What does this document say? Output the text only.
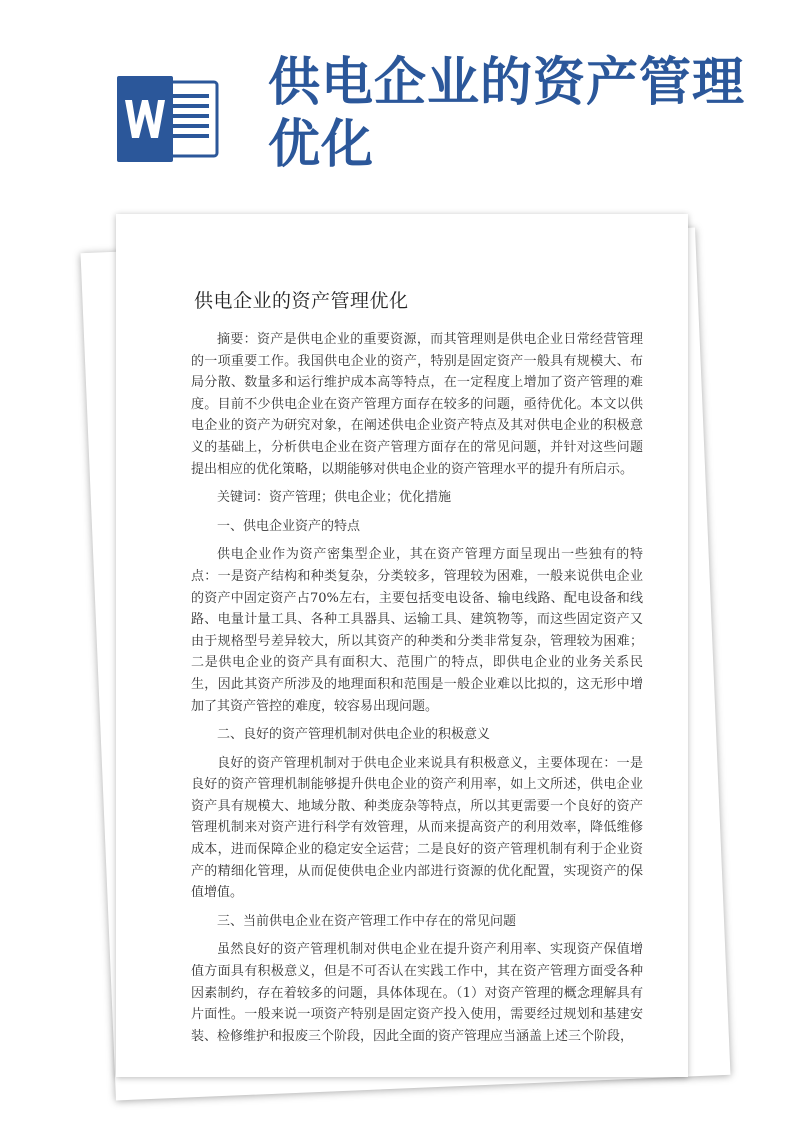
供电企业的资产管理优化
供电企业的资产管理优化

摘要：资产是供电企业的重要资源，而其管理则是供电企业日常经营管理的一项重要工作。我国供电企业的资产，特别是固定资产一般具有规模大、布局分散、数量多和运行维护成本高等特点，在一定程度上增加了资产管理的难度。目前不少供电企业在资产管理方面存在较多的问题，亟待优化。本文以供电企业的资产为研究对象，在阐述供电企业资产特点及其对供电企业的积极意义的基础上，分析供电企业在资产管理方面存在的常见问题，并针对这些问题提出相应的优化策略，以期能够对供电企业的资产管理水平的提升有所启示。

关键词：资产管理；供电企业；优化措施

一、供电企业资产的特点

供电企业作为资产密集型企业，其在资产管理方面呈现出一些独有的特点：一是资产结构和种类复杂，分类较多，管理较为困难，一般来说供电企业的资产中固定资产占70%左右，主要包括变电设备、输电线路、配电设备和线路、电量计量工具、各种工具器具、运输工具、建筑物等，而这些固定资产又由于规格型号差异较大，所以其资产的种类和分类非常复杂，管理较为困难；二是供电企业的资产具有面积大、范围广的特点，即供电企业的业务关系民生，因此其资产所涉及的地理面积和范围是一般企业难以比拟的，这无形中增加了其资产管控的难度，较容易出现问题。

二、良好的资产管理机制对供电企业的积极意义

良好的资产管理机制对于供电企业来说具有积极意义，主要体现在：一是良好的资产管理机制能够提升供电企业的资产利用率，如上文所述，供电企业资产具有规模大、地域分散、种类庞杂等特点，所以其更需要一个良好的资产管理机制来对资产进行科学有效管理，从而来提高资产的利用效率，降低维修成本，进而保障企业的稳定安全运营；二是良好的资产管理机制有利于企业资产的精细化管理，从而促使供电企业内部进行资源的优化配置，实现资产的保值增值。

三、当前供电企业在资产管理工作中存在的常见问题

虽然良好的资产管理机制对供电企业在提升资产利用率、实现资产保值增值方面具有积极意义，但是不可否认在实践工作中，其在资产管理方面受各种因素制约，存在着较多的问题，具体体现在。（1）对资产管理的概念理解具有片面性。一般来说一项资产特别是固定资产投入使用，需要经过规划和基建安装、检修维护和报废三个阶段，因此全面的资产管理应当涵盖上述三个阶段，
